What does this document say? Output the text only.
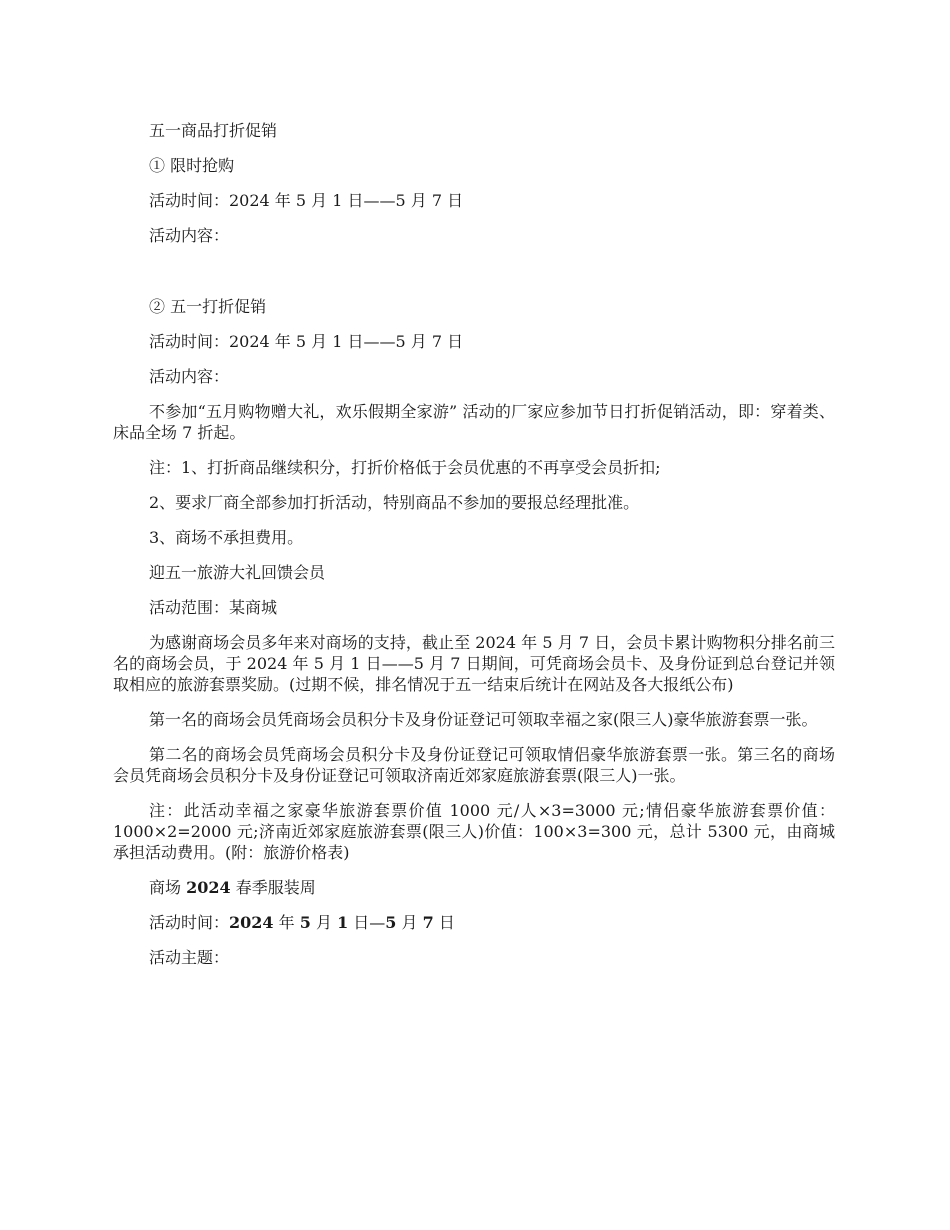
五一商品打折促销

① 限时抢购

活动时间：2024 年 5 月 1 日——5 月 7 日

活动内容：

② 五一打折促销

活动时间：2024 年 5 月 1 日——5 月 7 日

活动内容：

不参加“五月购物赠大礼，欢乐假期全家游” 活动的厂家应参加节日打折促销活动，即：穿着类、床品全场 7 折起。

注：1、打折商品继续积分，打折价格低于会员优惠的不再享受会员折扣;

2、要求厂商全部参加打折活动，特别商品不参加的要报总经理批准。

3、商场不承担费用。

迎五一旅游大礼回馈会员

活动范围：某商城

为感谢商场会员多年来对商场的支持，截止至 2024 年 5 月 7 日，会员卡累计购物积分排名前三名的商场会员，于 2024 年 5 月 1 日——5 月 7 日期间，可凭商场会员卡、及身份证到总台登记并领取相应的旅游套票奖励。(过期不候，排名情况于五一结束后统计在网站及各大报纸公布)

第一名的商场会员凭商场会员积分卡及身份证登记可领取幸福之家(限三人)豪华旅游套票一张。

第二名的商场会员凭商场会员积分卡及身份证登记可领取情侣豪华旅游套票一张。第三名的商场会员凭商场会员积分卡及身份证登记可领取济南近郊家庭旅游套票(限三人)一张。

注：此活动幸福之家豪华旅游套票价值 1000 元/人×3=3000 元;情侣豪华旅游套票价值：1000×2=2000 元;济南近郊家庭旅游套票(限三人)价值：100×3=300 元，总计 5300 元，由商城承担活动费用。(附：旅游价格表)

商场 2024 春季服装周

活动时间：2024 年 5 月 1 日—5 月 7 日

活动主题：
